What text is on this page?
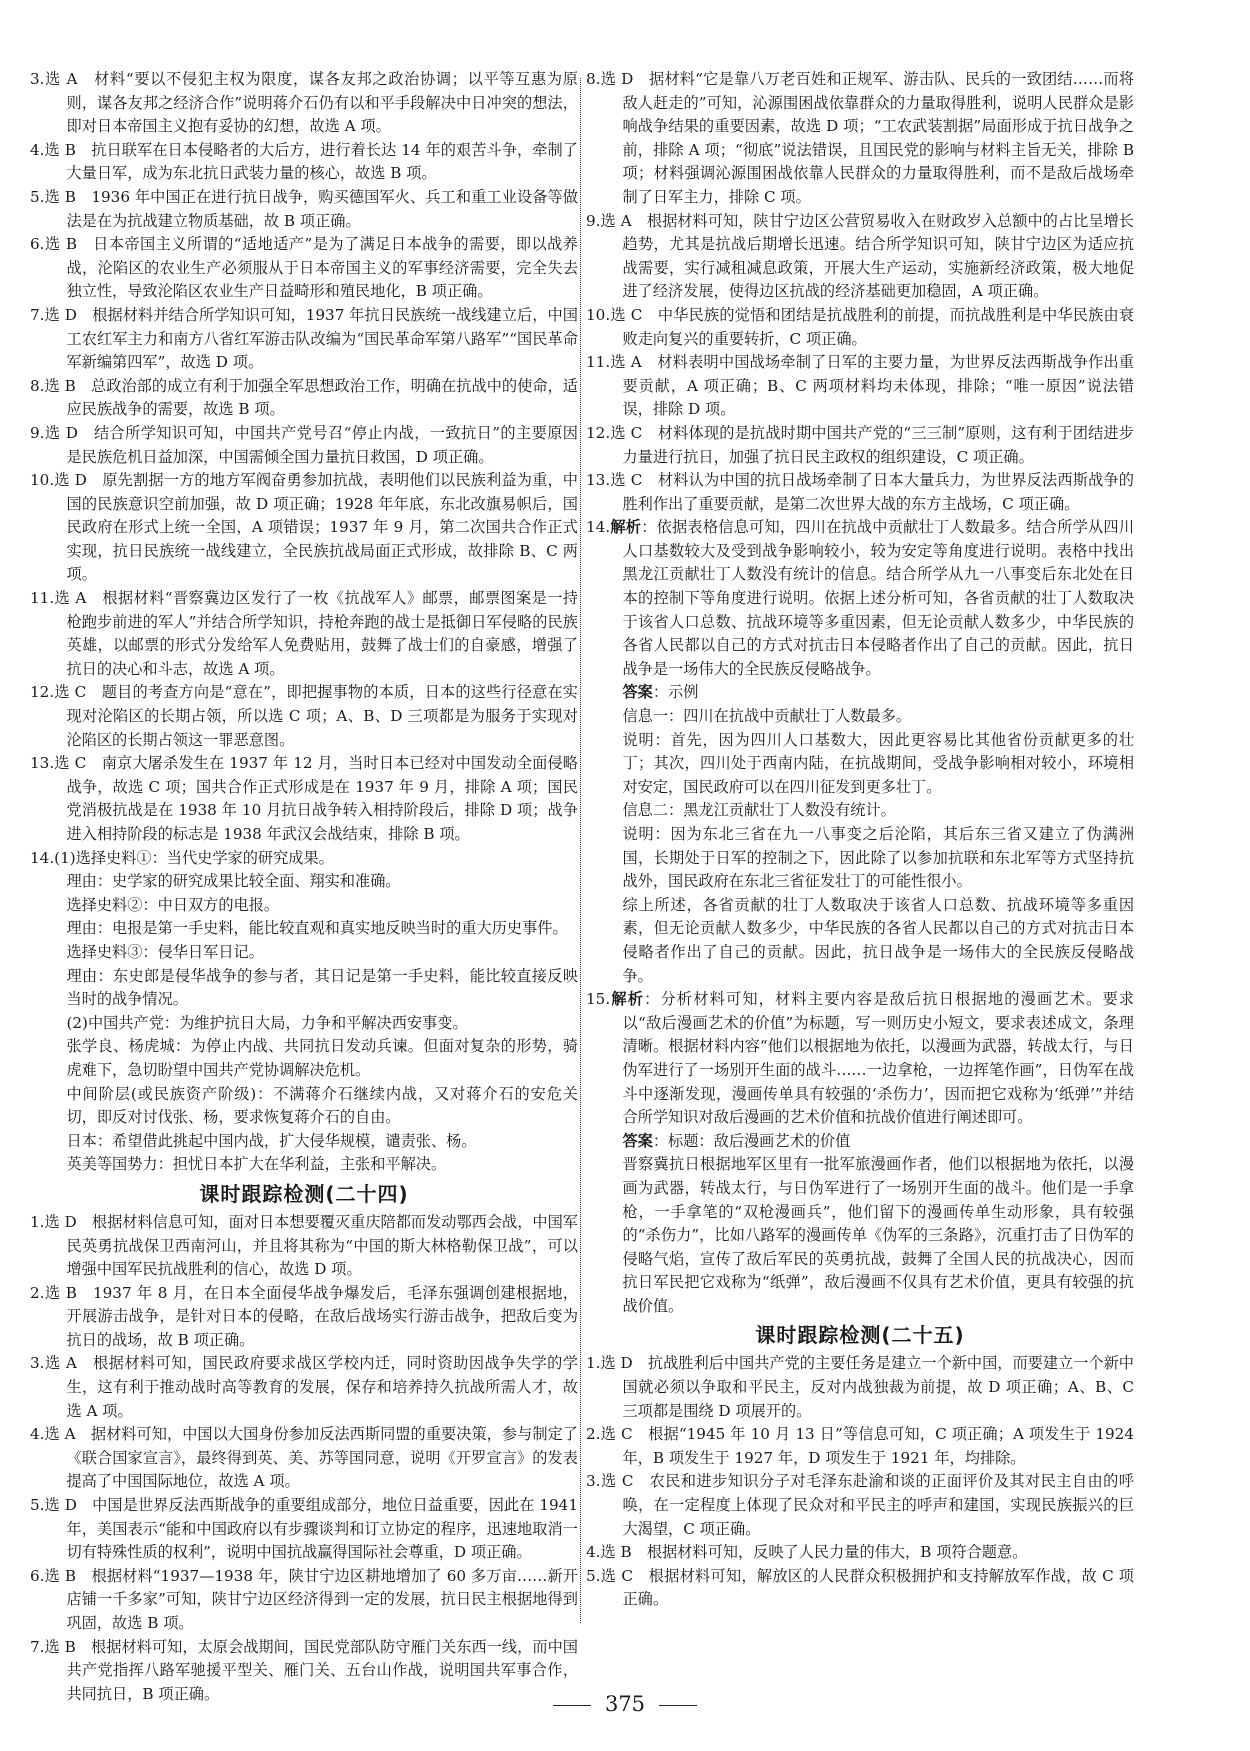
3.选 A　材料“要以不侵犯主权为限度，谋各友邦之政治协调；以平等互惠为原则，谋各友邦之经济合作”说明蒋介石仍有以和平手段解决中日冲突的想法，即对日本帝国主义抱有妥协的幻想，故选 A 项。

4.选 B　抗日联军在日本侵略者的大后方，进行着长达 14 年的艰苦斗争，牵制了大量日军，成为东北抗日武装力量的核心，故选 B 项。

5.选 B　1936 年中国正在进行抗日战争，购买德国军火、兵工和重工业设备等做法是在为抗战建立物质基础，故 B 项正确。

6.选 B　日本帝国主义所谓的“适地适产”是为了满足日本战争的需要，即以战养战，沦陷区的农业生产必须服从于日本帝国主义的军事经济需要，完全失去独立性，导致沦陷区农业生产日益畸形和殖民地化，B 项正确。

7.选 D　根据材料并结合所学知识可知，1937 年抗日民族统一战线建立后，中国工农红军主力和南方八省红军游击队改编为“国民革命军第八路军”“国民革命军新编第四军”，故选 D 项。

8.选 B　总政治部的成立有利于加强全军思想政治工作，明确在抗战中的使命，适应民族战争的需要，故选 B 项。

9.选 D　结合所学知识可知，中国共产党号召“停止内战，一致抗日”的主要原因是民族危机日益加深，中国需倾全国力量抗日救国，D 项正确。

10.选 D　原先割据一方的地方军阀奋勇参加抗战，表明他们以民族利益为重，中国的民族意识空前加强，故 D 项正确；1928 年年底，东北改旗易帜后，国民政府在形式上统一全国，A 项错误；1937 年 9 月，第二次国共合作正式实现，抗日民族统一战线建立，全民族抗战局面正式形成，故排除 B、C 两项。

11.选 A　根据材料“晋察冀边区发行了一枚《抗战军人》邮票，邮票图案是一持枪跑步前进的军人”并结合所学知识，持枪奔跑的战士是抵御日军侵略的民族英雄，以邮票的形式分发给军人免费贴用，鼓舞了战士们的自豪感，增强了抗日的决心和斗志，故选 A 项。

12.选 C　题目的考查方向是“意在”，即把握事物的本质，日本的这些行径意在实现对沦陷区的长期占领，所以选 C 项；A、B、D 三项都是为服务于实现对沦陷区的长期占领这一罪恶意图。

13.选 C　南京大屠杀发生在 1937 年 12 月，当时日本已经对中国发动全面侵略战争，故选 C 项；国共合作正式形成是在 1937 年 9 月，排除 A 项；国民党消极抗战是在 1938 年 10 月抗日战争转入相持阶段后，排除 D 项；战争进入相持阶段的标志是 1938 年武汉会战结束，排除 B 项。

14.(1)选择史料①：当代史学家的研究成果。

理由：史学家的研究成果比较全面、翔实和准确。

选择史料②：中日双方的电报。

理由：电报是第一手史料，能比较直观和真实地反映当时的重大历史事件。

选择史料③：侵华日军日记。

理由：东史郎是侵华战争的参与者，其日记是第一手史料，能比较直接反映当时的战争情况。

(2)中国共产党：为维护抗日大局，力争和平解决西安事变。

张学良、杨虎城：为停止内战、共同抗日发动兵谏。但面对复杂的形势，骑虎难下，急切盼望中国共产党协调解决危机。

中间阶层(或民族资产阶级)：不满蒋介石继续内战，又对蒋介石的安危关切，即反对讨伐张、杨，要求恢复蒋介石的自由。

日本：希望借此挑起中国内战，扩大侵华规模，谴责张、杨。

英美等国势力：担忧日本扩大在华利益，主张和平解决。

课时跟踪检测(二十四)

1.选 D　根据材料信息可知，面对日本想要覆灭重庆陪都而发动鄂西会战，中国军民英勇抗战保卫西南河山，并且将其称为“中国的斯大林格勒保卫战”，可以增强中国军民抗战胜利的信心，故选 D 项。

2.选 B　1937 年 8 月，在日本全面侵华战争爆发后，毛泽东强调创建根据地，开展游击战争，是针对日本的侵略，在敌后战场实行游击战争，把敌后变为抗日的战场，故 B 项正确。

3.选 A　根据材料可知，国民政府要求战区学校内迁，同时资助因战争失学的学生，这有利于推动战时高等教育的发展，保存和培养持久抗战所需人才，故选 A 项。

4.选 A　据材料可知，中国以大国身份参加反法西斯同盟的重要决策，参与制定了《联合国家宣言》，最终得到英、美、苏等国同意，说明《开罗宣言》的发表提高了中国国际地位，故选 A 项。

5.选 D　中国是世界反法西斯战争的重要组成部分，地位日益重要，因此在 1941 年，美国表示“能和中国政府以有步骤谈判和订立协定的程序，迅速地取消一切有特殊性质的权利”，说明中国抗战赢得国际社会尊重，D 项正确。

6.选 B　根据材料“1937—1938 年，陕甘宁边区耕地增加了 60 多万亩……新开店铺一千多家”可知，陕甘宁边区经济得到一定的发展，抗日民主根据地得到巩固，故选 B 项。

7.选 B　根据材料可知，太原会战期间，国民党部队防守雁门关东西一线，而中国共产党指挥八路军驰援平型关、雁门关、五台山作战，说明国共军事合作，共同抗日，B 项正确。

8.选 D　据材料“它是靠八万老百姓和正规军、游击队、民兵的一致团结……而将敌人赶走的”可知，沁源围困战依靠群众的力量取得胜利，说明人民群众是影响战争结果的重要因素，故选 D 项；“工农武装割据”局面形成于抗日战争之前，排除 A 项；“彻底”说法错误，且国民党的影响与材料主旨无关，排除 B 项；材料强调沁源围困战依靠人民群众的力量取得胜利，而不是敌后战场牵制了日军主力，排除 C 项。

9.选 A　根据材料可知，陕甘宁边区公营贸易收入在财政岁入总额中的占比呈增长趋势，尤其是抗战后期增长迅速。结合所学知识可知，陕甘宁边区为适应抗战需要，实行减租减息政策，开展大生产运动，实施新经济政策，极大地促进了经济发展，使得边区抗战的经济基础更加稳固，A 项正确。

10.选 C　中华民族的觉悟和团结是抗战胜利的前提，而抗战胜利是中华民族由衰败走向复兴的重要转折，C 项正确。

11.选 A　材料表明中国战场牵制了日军的主要力量，为世界反法西斯战争作出重要贡献，A 项正确；B、C 两项材料均未体现，排除；“唯一原因”说法错误，排除 D 项。

12.选 C　材料体现的是抗战时期中国共产党的“三三制”原则，这有利于团结进步力量进行抗日，加强了抗日民主政权的组织建设，C 项正确。

13.选 C　材料认为中国的抗日战场牵制了日本大量兵力，为世界反法西斯战争的胜利作出了重要贡献，是第二次世界大战的东方主战场，C 项正确。

14.解析：依据表格信息可知，四川在抗战中贡献壮丁人数最多。结合所学从四川人口基数较大及受到战争影响较小，较为安定等角度进行说明。表格中找出黑龙江贡献壮丁人数没有统计的信息。结合所学从九一八事变后东北处在日本的控制下等角度进行说明。依据上述分析可知，各省贡献的壮丁人数取决于该省人口总数、抗战环境等多重因素，但无论贡献人数多少，中华民族的各省人民都以自己的方式对抗击日本侵略者作出了自己的贡献。因此，抗日战争是一场伟大的全民族反侵略战争。

答案：示例

信息一：四川在抗战中贡献壮丁人数最多。

说明：首先，因为四川人口基数大，因此更容易比其他省份贡献更多的壮丁；其次，四川处于西南内陆，在抗战期间，受战争影响相对较小，环境相对安定，国民政府可以在四川征发到更多壮丁。

信息二：黑龙江贡献壮丁人数没有统计。

说明：因为东北三省在九一八事变之后沦陷，其后东三省又建立了伪满洲国，长期处于日军的控制之下，因此除了以参加抗联和东北军等方式坚持抗战外，国民政府在东北三省征发壮丁的可能性很小。

综上所述，各省贡献的壮丁人数取决于该省人口总数、抗战环境等多重因素，但无论贡献人数多少，中华民族的各省人民都以自己的方式对抗击日本侵略者作出了自己的贡献。因此，抗日战争是一场伟大的全民族反侵略战争。

15.解析：分析材料可知，材料主要内容是敌后抗日根据地的漫画艺术。要求以“敌后漫画艺术的价值”为标题，写一则历史小短文，要求表述成文，条理清晰。根据材料内容“他们以根据地为依托，以漫画为武器，转战太行，与日伪军进行了一场别开生面的战斗……一边拿枪，一边挥笔作画”，日伪军在战斗中逐渐发现，漫画传单具有较强的‘杀伤力’，因而把它戏称为‘纸弹’”并结合所学知识对敌后漫画的艺术价值和抗战价值进行阐述即可。

答案：标题：敌后漫画艺术的价值

晋察冀抗日根据地军区里有一批军旅漫画作者，他们以根据地为依托，以漫画为武器，转战太行，与日伪军进行了一场别开生面的战斗。他们是一手拿枪，一手拿笔的“双枪漫画兵”，他们留下的漫画传单生动形象，具有较强的“杀伤力”，比如八路军的漫画传单《伪军的三条路》，沉重打击了日伪军的侵略气焰，宣传了敌后军民的英勇抗战，鼓舞了全国人民的抗战决心，因而抗日军民把它戏称为“纸弹”，敌后漫画不仅具有艺术价值，更具有较强的抗战价值。

课时跟踪检测(二十五)

1.选 D　抗战胜利后中国共产党的主要任务是建立一个新中国，而要建立一个新中国就必须以争取和平民主，反对内战独裁为前提，故 D 项正确；A、B、C 三项都是围绕 D 项展开的。

2.选 C　根据“1945 年 10 月 13 日”等信息可知，C 项正确；A 项发生于 1924 年，B 项发生于 1927 年，D 项发生于 1921 年，均排除。

3.选 C　农民和进步知识分子对毛泽东赴渝和谈的正面评价及其对民主自由的呼唤，在一定程度上体现了民众对和平民主的呼声和建国，实现民族振兴的巨大渴望，C 项正确。

4.选 B　根据材料可知，反映了人民力量的伟大，B 项符合题意。

5.选 C　根据材料可知，解放区的人民群众积极拥护和支持解放军作战，故 C 项正确。

375
